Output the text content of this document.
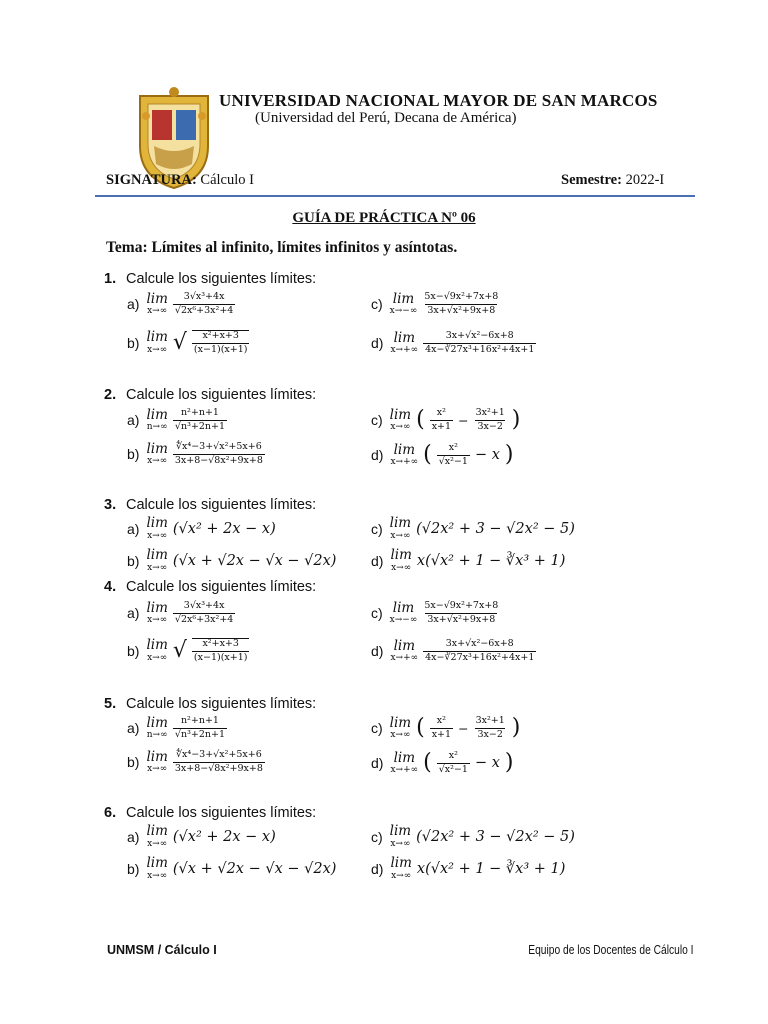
UNIVERSIDAD NACIONAL MAYOR DE SAN MARCOS
(Universidad del Perú, Decana de América)
SIGNATURA: Cálculo I	Semestre: 2022-I
GUÍA DE PRÁCTICA Nº 06
Tema: Límites al infinito, límites infinitos y asíntotas.
1. Calcule los siguientes límites:
a) lim
x→∞
3√x³+4x
√2x⁶+3x²+4
b) lim
x→∞ √ x²+x+3
(x−1)(x+1)
c) lim
x→−∞
5x−√9x²+7x+8
3x+√x²+9x+8
d) lim
x→+∞
3x+√x²−6x+8
4x−∛27x³+16x²+4x+1
2. Calcule los siguientes límites:
a) lim
n→∞
n²+n+1
√n³+2n+1
b) lim
x→∞
∜x⁴−3+√x²+5x+6
3x+8−√8x²+9x+8
c) lim
x→∞ ( x²
$x+1 - \frac{\text{3x²+1}}{3x-2}$ )
d) lim
x→+∞ ( x²
√x²−1 − x )
3. Calcule los siguientes límites:
a) lim
x→∞ (√x² + 2x − x)
b) lim
x→∞ (√x + √2x − √x − √2x)
c) lim
x→∞ (√2x² + 3 − √2x² − 5)
d) lim
x→∞ x(√x² + 1 − ∛x³ + 1)
4. Calcule los siguientes límites:
a) lim
x→∞
3√x³+4x
√2x⁶+3x²+4
b) lim
x→∞ √ x²+x+3
(x−1)(x+1)
c) lim
x→−∞
5x−√9x²+7x+8
3x+√x²+9x+8
d) lim
x→+∞
3x+√x²−6x+8
4x−∛27x³+16x²+4x+1
5. Calcule los siguientes límites:
a) lim
n→∞
n²+n+1
√n³+2n+1
b) lim
x→∞
∜x⁴−3+√x²+5x+6
3x+8−√8x²+9x+8
c) lim
x→∞ ( x²
$x+1 - \frac{\text{3x²+1}}{3x-2}$ )
d) lim
x→+∞ ( x²
√x²−1 − x )
6. Calcule los siguientes límites:
a) lim
x→∞ (√x² + 2x − x)
b) lim
x→∞ (√x + √2x − √x − √2x)
c) lim
x→∞ (√2x² + 3 − √2x² − 5)
d) lim
x→∞ x(√x² + 1 − ∛x³ + 1)
UNMSM / Cálculo I	Equipo de los Docentes de Cálculo I
